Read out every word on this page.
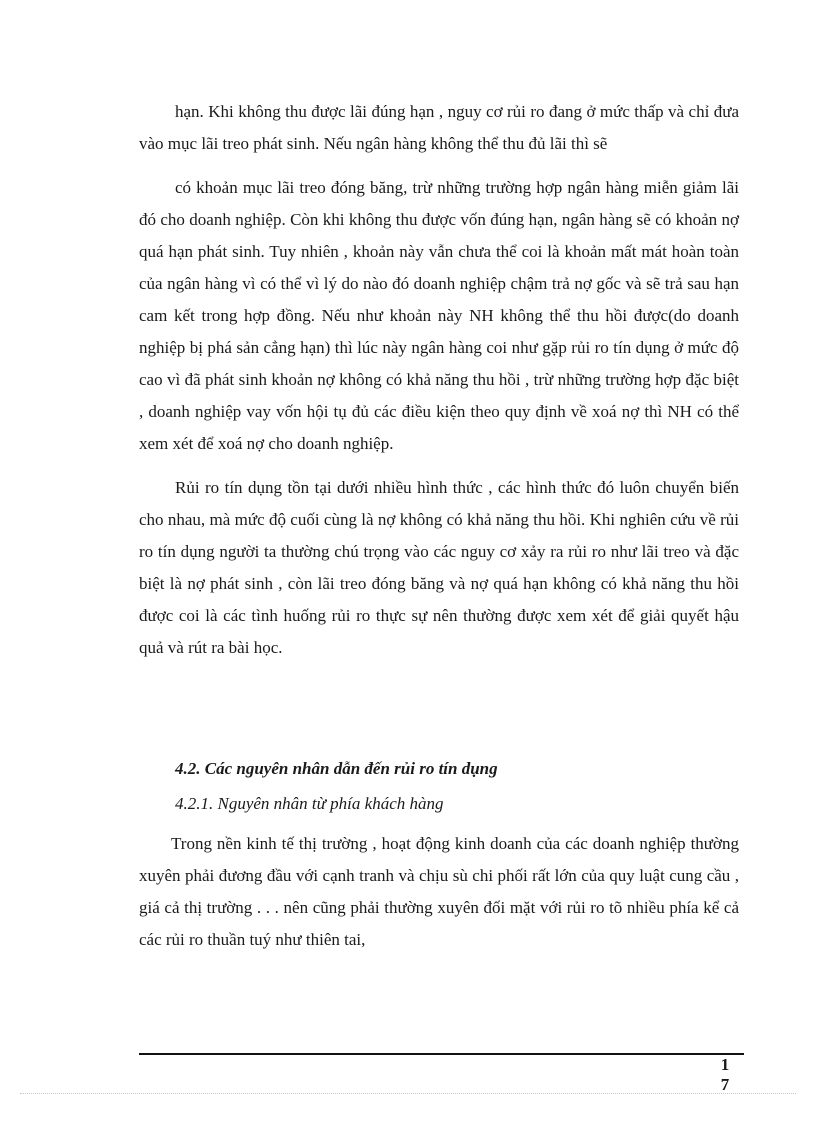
hạn. Khi không thu được lãi đúng hạn , nguy cơ rủi ro đang ở mức thấp và chỉ đưa vào mục lãi treo phát sinh. Nếu ngân hàng không thể thu đủ lãi thì sẽ

có khoản mục lãi treo đóng băng, trừ những trường hợp ngân hàng miễn giảm lãi đó cho doanh nghiệp. Còn khi không thu được vốn đúng hạn, ngân hàng sẽ có khoản nợ quá hạn phát sinh. Tuy nhiên , khoản này vẫn chưa thể coi là khoản mất mát hoàn toàn của ngân hàng vì có thể vì lý do nào đó doanh nghiệp chậm trả nợ gốc và sẽ trả sau hạn cam kết trong hợp đồng. Nếu như khoản này NH không thể thu hồi được(do doanh nghiệp bị phá sản cẳng hạn) thì lúc này ngân hàng coi như gặp rủi ro tín dụng ở mức độ cao vì đã phát sinh khoản nợ không có khả năng thu hồi , trừ những trường hợp đặc biệt , doanh nghiệp vay vốn hội tụ đủ các điều kiện theo quy định về xoá nợ thì NH có thể xem xét để xoá nợ cho doanh nghiệp.

Rủi ro tín dụng tồn tại dưới nhiều hình thức , các hình thức đó luôn chuyển biến cho nhau, mà mức độ cuối cùng là nợ không có khả năng thu hồi. Khi nghiên cứu về rủi ro tín dụng người ta thường chú trọng vào các nguy cơ xảy ra rủi ro như lãi treo và đặc biệt là nợ phát sinh , còn lãi treo đóng băng và nợ quá hạn không có khả năng thu hồi được coi là các tình huống rủi ro thực sự nên thường được xem xét để giải quyết hậu quả và rút ra bài học.

4.2. Các nguyên nhân dẫn đến rủi ro tín dụng

4.2.1. Nguyên nhân từ phía khách hàng

Trong nền kinh tế thị trường , hoạt động kinh doanh của các doanh nghiệp thường xuyên phải đương đầu với cạnh tranh và chịu sù chi phối rất lớn của quy luật cung cầu , giá cả thị trường . . . nên cũng phải thường xuyên đối mặt với rủi ro tõ nhiều phía kể cả các rủi ro thuần tuý như thiên tai,

17
